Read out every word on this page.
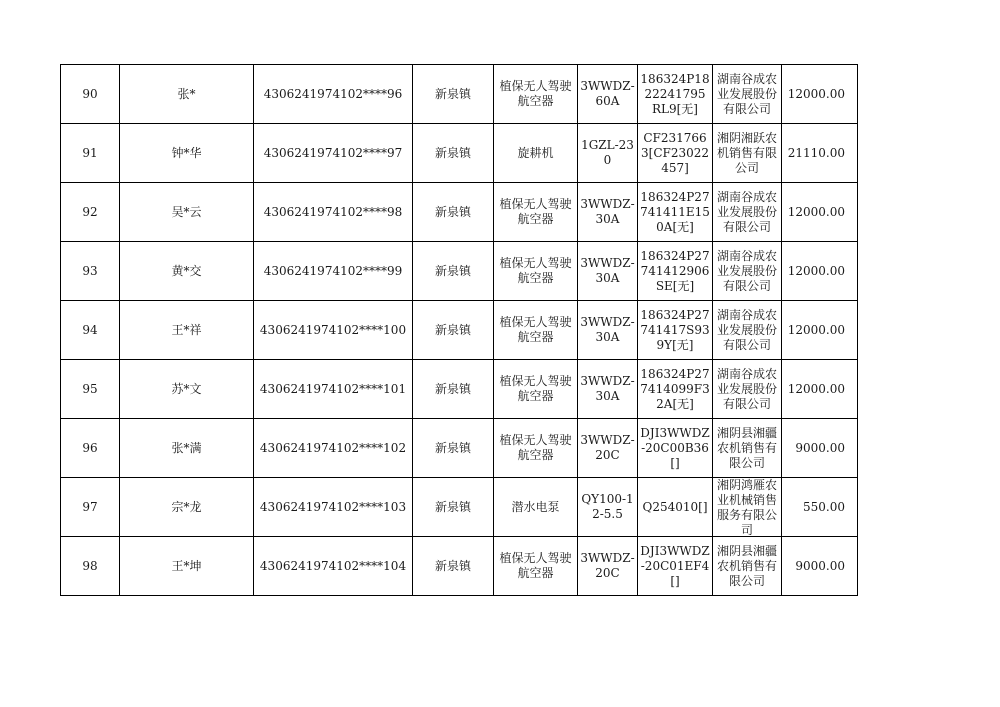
90	张*	4306241974102****96	新泉镇	植保无人驾驶航空器	3WWDZ-60A	186324P1822241795RL9[无]	湖南谷成农业发展股份有限公司	12000.00

91	钟*华	4306241974102****97	新泉镇	旋耕机	1GZL-230	CF2317663[CF23022457]	湘阴湘跃农机销售有限公司	21110.00

92	吴*云	4306241974102****98	新泉镇	植保无人驾驶航空器	3WWDZ-30A	186324P27741411E150A[无]	湖南谷成农业发展股份有限公司	12000.00

93	黄*交	4306241974102****99	新泉镇	植保无人驾驶航空器	3WWDZ-30A	186324P27741412906SE[无]	湖南谷成农业发展股份有限公司	12000.00

94	王*祥	4306241974102****100	新泉镇	植保无人驾驶航空器	3WWDZ-30A	186324P27741417S939Y[无]	湖南谷成农业发展股份有限公司	12000.00

95	苏*文	4306241974102****101	新泉镇	植保无人驾驶航空器	3WWDZ-30A	186324P277414099F32A[无]	湖南谷成农业发展股份有限公司	12000.00

96	张*满	4306241974102****102	新泉镇	植保无人驾驶航空器	3WWDZ-20C	DJI3WWDZ-20C00B36[]	湘阴县湘疆农机销售有限公司	9000.00

97	宗*龙	4306241974102****103	新泉镇	潜水电泵	QY100-12-5.5	Q254010[]	湘阴鸿雁农业机械销售服务有限公司	550.00

98	王*坤	4306241974102****104	新泉镇	植保无人驾驶航空器	3WWDZ-20C	DJI3WWDZ-20C01EF4[]	湘阴县湘疆农机销售有限公司	9000.00
